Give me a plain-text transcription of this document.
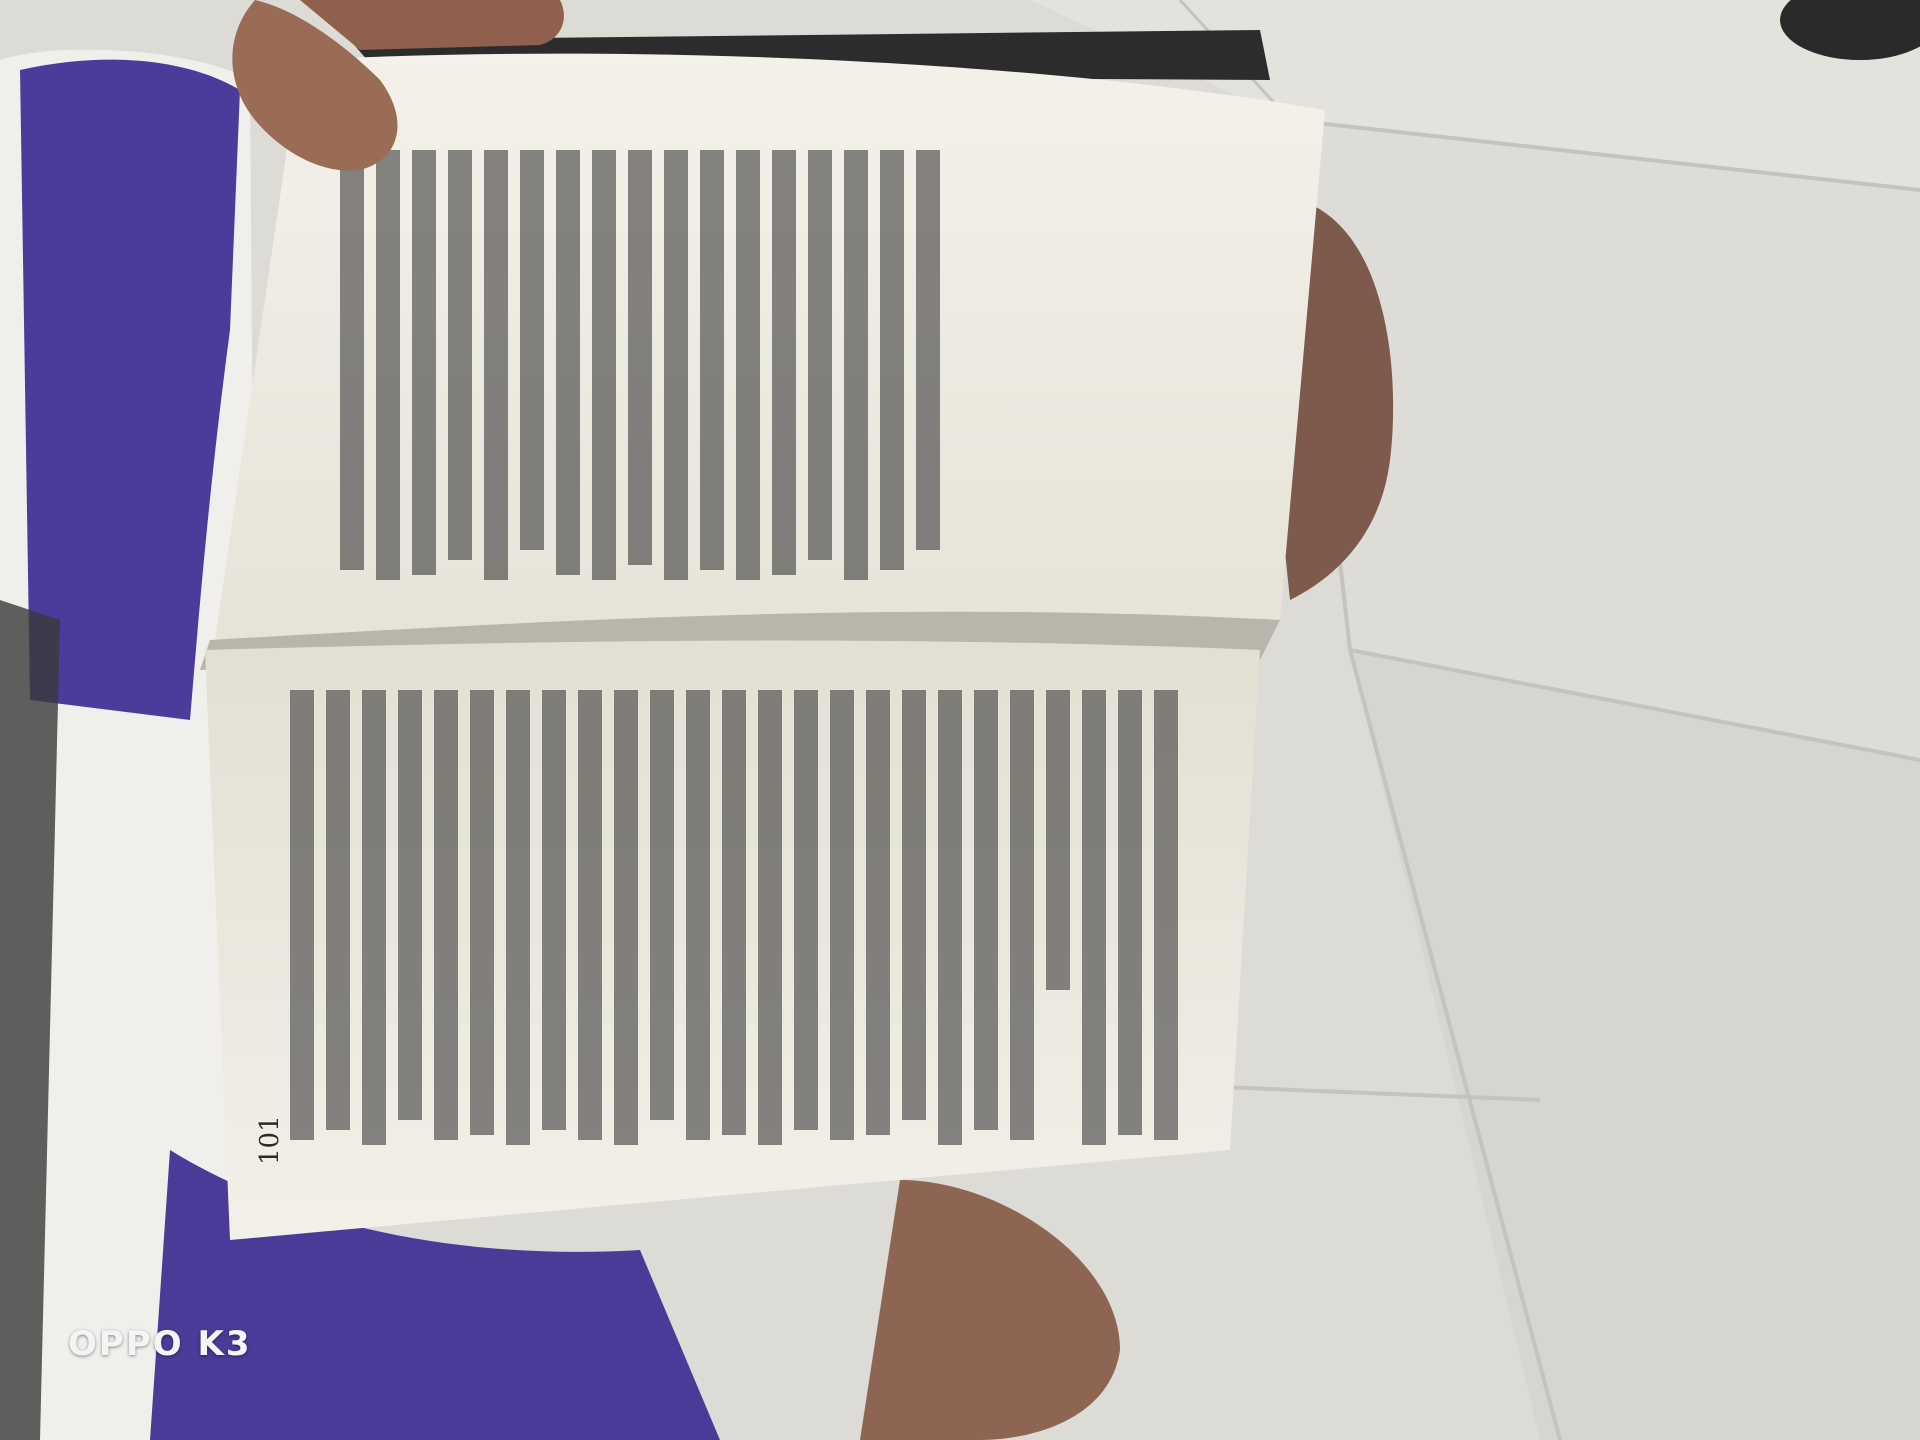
101
OPPO K3
